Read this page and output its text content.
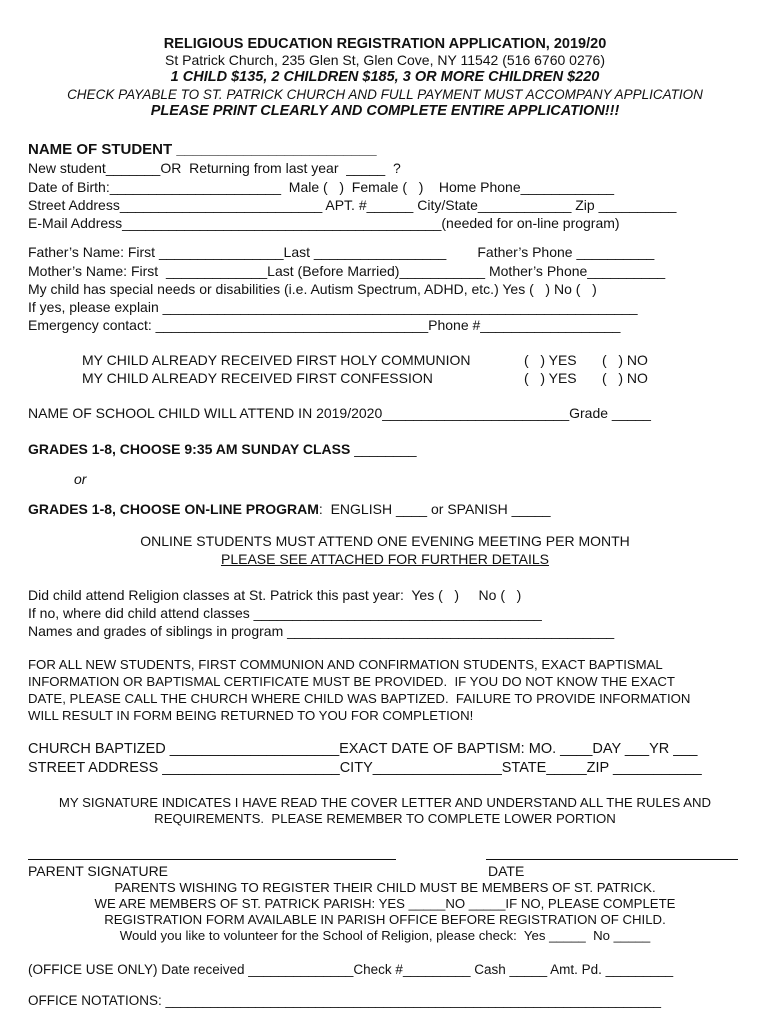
RELIGIOUS EDUCATION REGISTRATION APPLICATION, 2019/20
St Patrick Church, 235 Glen St, Glen Cove, NY 11542 (516 6760 0276)
1 CHILD $135, 2 CHILDREN $185, 3 OR MORE CHILDREN $220
CHECK PAYABLE TO ST. PATRICK CHURCH AND FULL PAYMENT MUST ACCOMPANY APPLICATION
PLEASE PRINT CLEARLY AND COMPLETE ENTIRE APPLICATION!!!
NAME OF STUDENT ________________________
New student_______OR  Returning from last year  _____  ?
Date of Birth:______________________  Male (   )  Female (   )    Home Phone____________
Street Address__________________________ APT. #______ City/State____________ Zip __________
E-Mail Address_________________________________________(needed for on-line program)
Father’s Name: First ________________Last _________________        Father’s Phone __________
Mother’s Name: First  _____________Last (Before Married)___________ Mother’s Phone__________
My child has special needs or disabilities (i.e. Autism Spectrum, ADHD, etc.) Yes (   ) No (   )
If yes, please explain _____________________________________________________________
Emergency contact: ___________________________________Phone #__________________
MY CHILD ALREADY RECEIVED FIRST HOLY COMMUNION	(   ) YES (   ) NO
MY CHILD ALREADY RECEIVED FIRST CONFESSION	(   ) YES (   ) NO
NAME OF SCHOOL CHILD WILL ATTEND IN 2019/2020________________________Grade _____
GRADES 1-8, CHOOSE 9:35 AM SUNDAY CLASS ________
or
GRADES 1-8, CHOOSE ON-LINE PROGRAM:  ENGLISH ____ or SPANISH _____
ONLINE STUDENTS MUST ATTEND ONE EVENING MEETING PER MONTH
PLEASE SEE ATTACHED FOR FURTHER DETAILS
Did child attend Religion classes at St. Patrick this past year:  Yes (   )     No (   )
If no, where did child attend classes _____________________________________
Names and grades of siblings in program __________________________________________
FOR ALL NEW STUDENTS, FIRST COMMUNION AND CONFIRMATION STUDENTS, EXACT BAPTISMAL
INFORMATION OR BAPTISMAL CERTIFICATE MUST BE PROVIDED.  IF YOU DO NOT KNOW THE EXACT
DATE, PLEASE CALL THE CHURCH WHERE CHILD WAS BAPTIZED.  FAILURE TO PROVIDE INFORMATION
WILL RESULT IN FORM BEING RETURNED TO YOU FOR COMPLETION!
CHURCH BAPTIZED _____________________EXACT DATE OF BAPTISM: MO. ____DAY ___YR ___
STREET ADDRESS ______________________CITY________________STATE_____ZIP ___________
MY SIGNATURE INDICATES I HAVE READ THE COVER LETTER AND UNDERSTAND ALL THE RULES AND
REQUIREMENTS.  PLEASE REMEMBER TO COMPLETE LOWER PORTION
PARENT SIGNATURE	DATE
PARENTS WISHING TO REGISTER THEIR CHILD MUST BE MEMBERS OF ST. PATRICK.
WE ARE MEMBERS OF ST. PATRICK PARISH: YES _____NO _____IF NO, PLEASE COMPLETE
REGISTRATION FORM AVAILABLE IN PARISH OFFICE BEFORE REGISTRATION OF CHILD.
Would you like to volunteer for the School of Religion, please check:  Yes _____  No _____
(OFFICE USE ONLY) Date received ______________Check #_________ Cash _____ Amt. Pd. _________
OFFICE NOTATIONS: __________________________________________________________________
